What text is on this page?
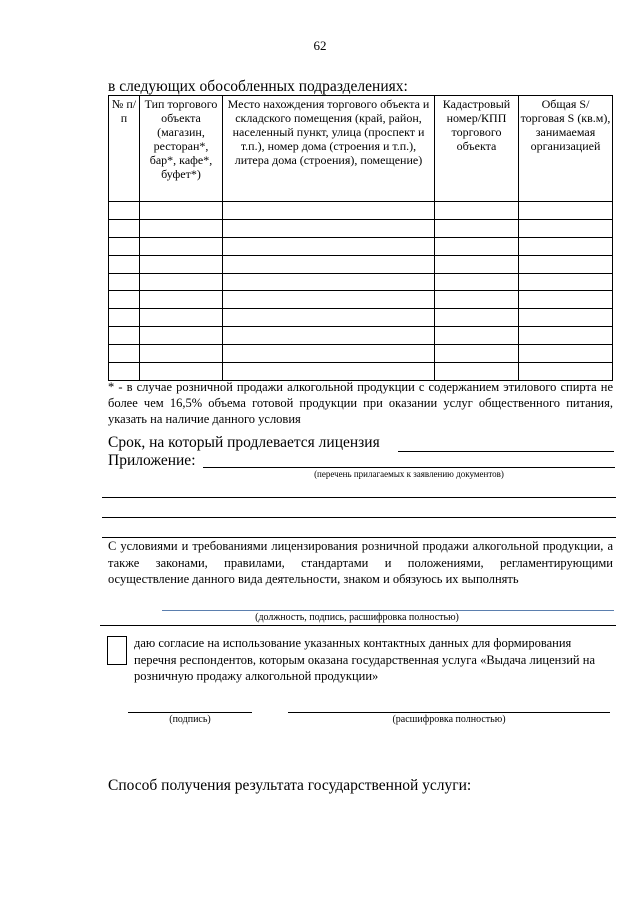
62
в следующих обособленных подразделениях:
№ п/п	Тип торгового объекта (магазин, ресторан*, бар*, кафе*, буфет*)	Место нахождения торгового объекта и складского помещения (край, район, населенный пункт, улица (проспект и т.п.), номер дома (строения и т.п.), литера дома (строения), помещение)	Кадастровый номер/КПП торгового объекта	Общая S/ торговая S (кв.м), занимаемая организацией

* - в случае розничной продажи алкогольной продукции с содержанием этилового спирта не более чем 16,5% объема готовой продукции при оказании услуг общественного питания, указать на наличие данного условия
Срок, на который продлевается лицензия
Приложение:
(перечень прилагаемых к заявлению документов)
С условиями и требованиями лицензирования розничной продажи алкогольной продукции, а также законами, правилами, стандартами и положениями, регламентирующими осуществление данного вида деятельности, знаком и обязуюсь их выполнять
(должность, подпись, расшифровка полностью)
даю согласие на использование указанных контактных данных для формирования перечня респондентов, которым оказана государственная услуга «Выдача лицензий на розничную продажу алкогольной продукции»
(подпись)	(расшифровка полностью)
Способ получения результата государственной услуги:
